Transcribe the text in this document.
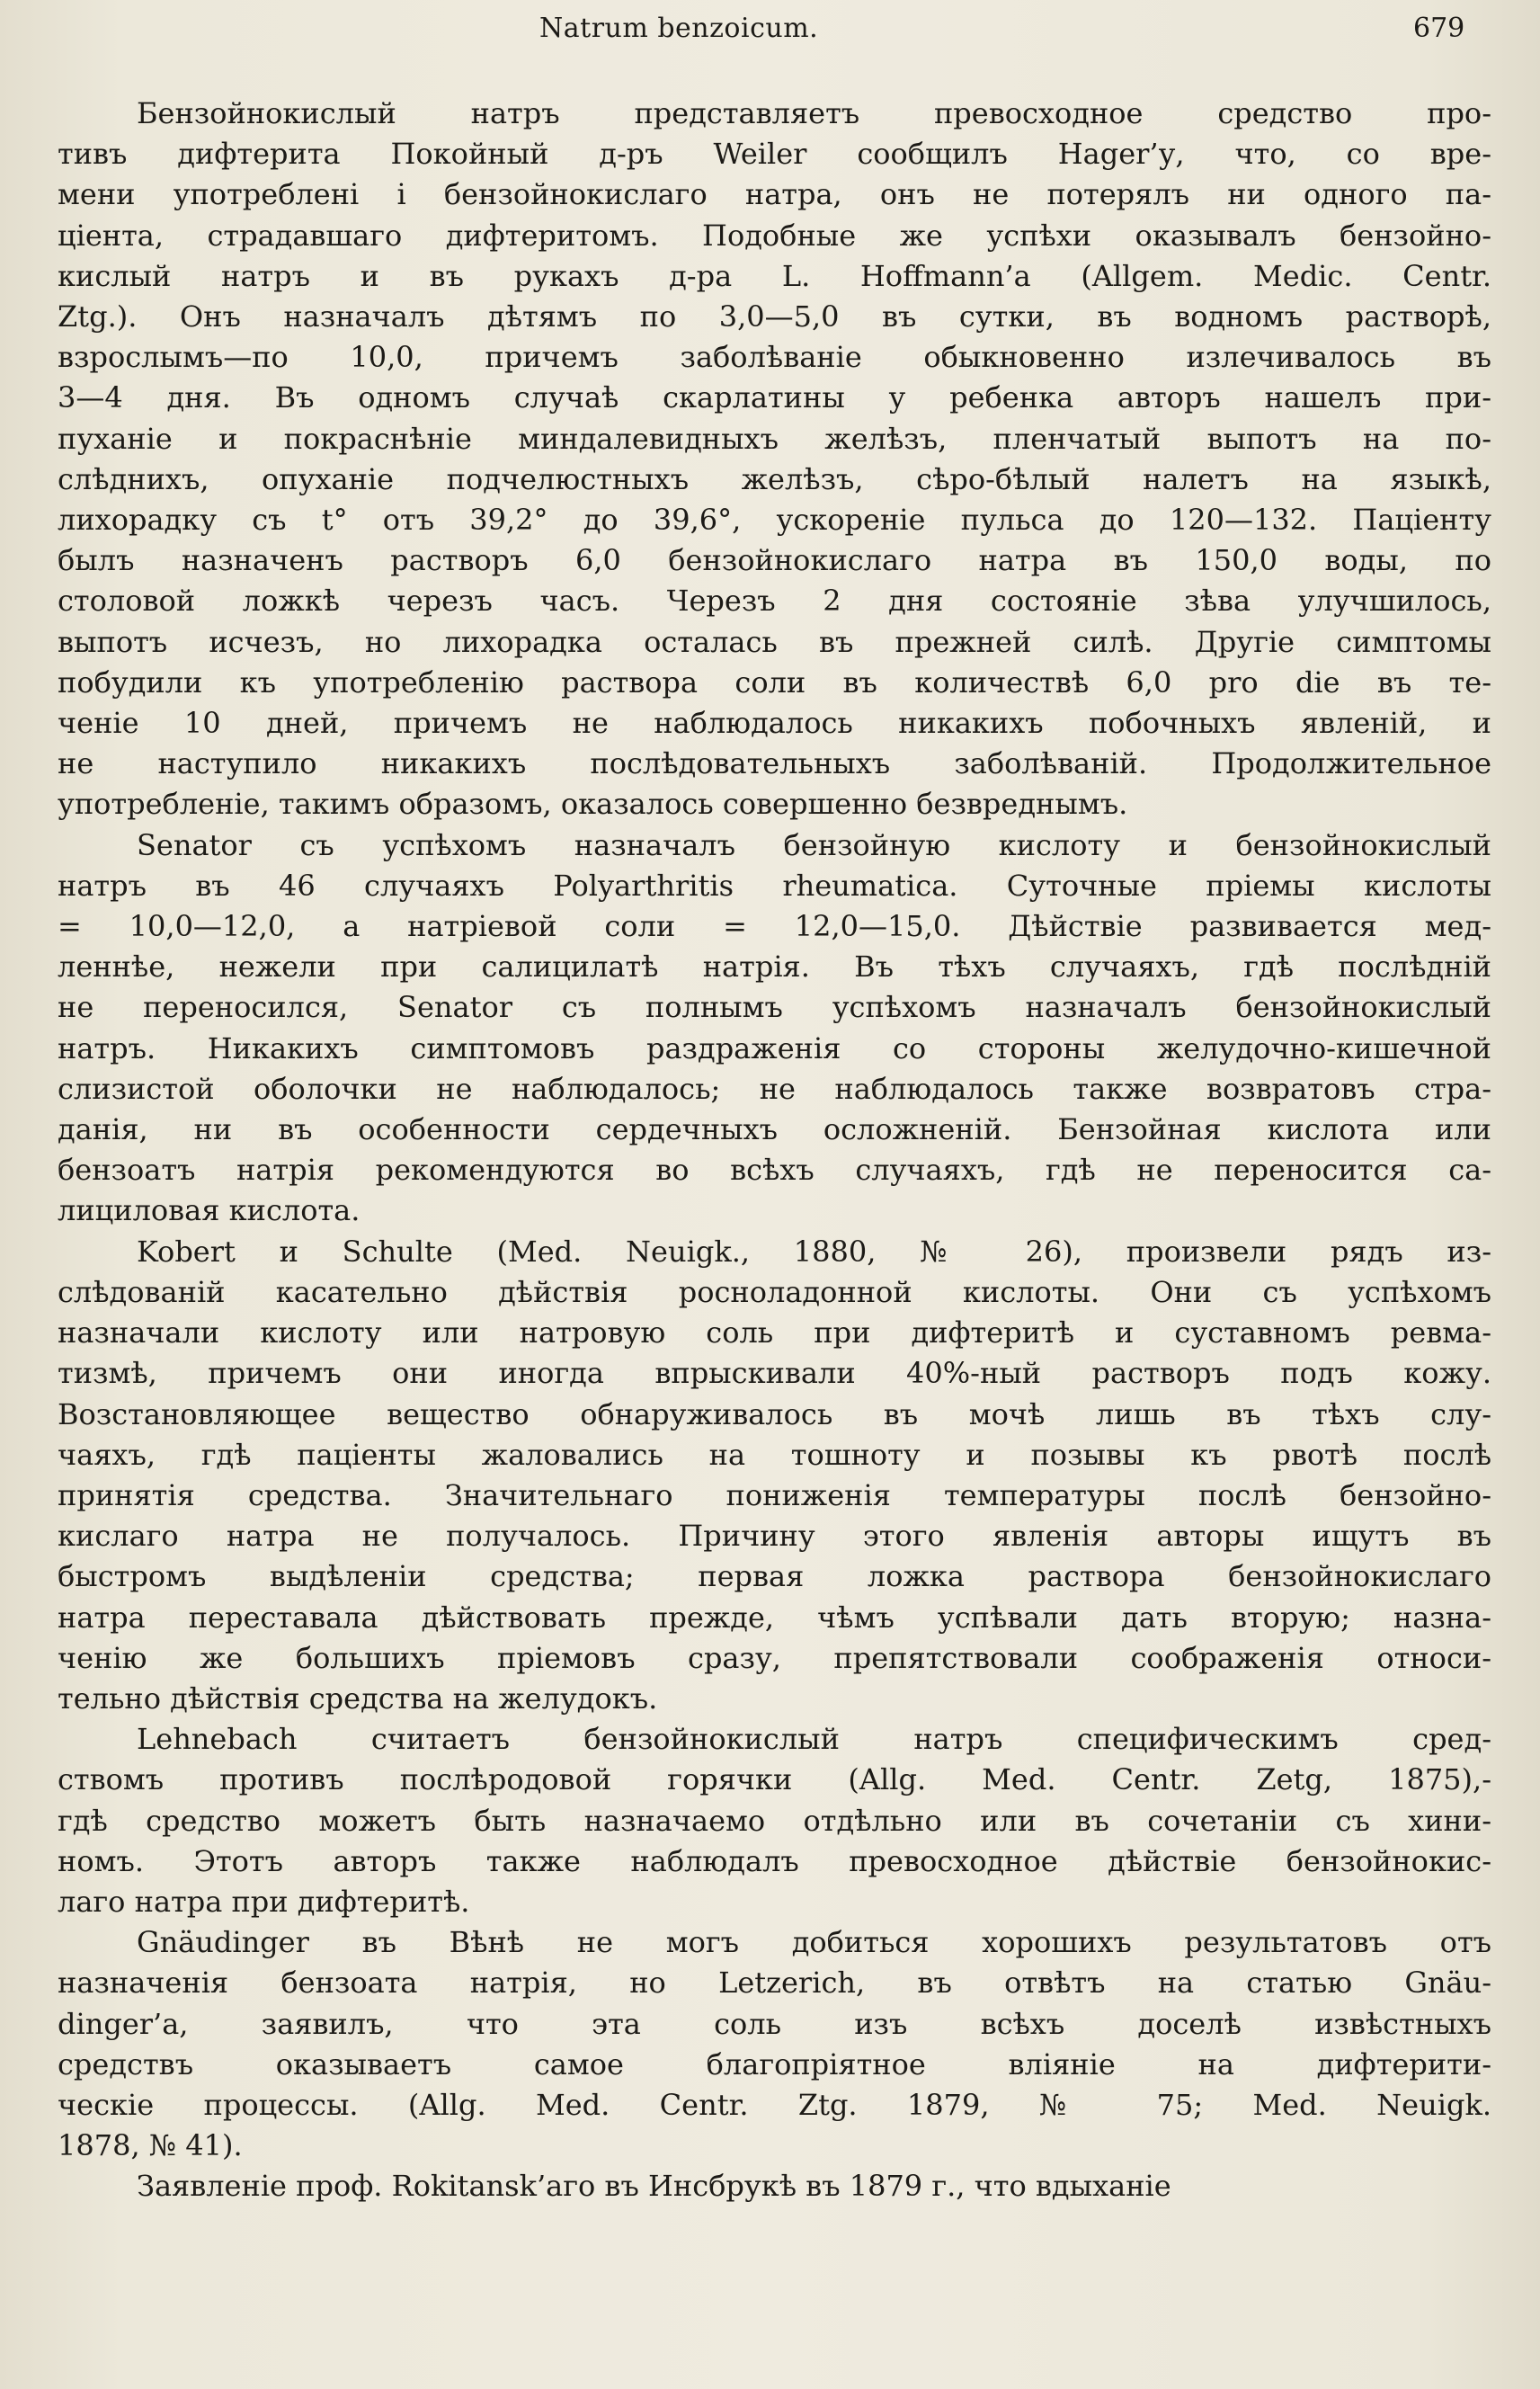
Natrum benzoicum.	679
Бензойнокислый натръ представляетъ превосходное средство про-
тивъ дифтерита Покойный д-ръ Weiler сообщилъ Hager’у, что, со вре-
мени употреблені і бензойнокислаго натра, онъ не потерялъ ни одного па-
ціента, страдавшаго дифтеритомъ. Подобные же успѣхи оказывалъ бензойно-
кислый натръ и въ рукахъ д-ра L. Hoffmann’a (Allgem. Medic. Centr.
Ztg.). Онъ назначалъ дѣтямъ по 3,0—5,0 въ сутки, въ водномъ растворѣ,
взрослымъ—по 10,0, причемъ заболѣваніе обыкновенно излечивалось въ
3—4 дня. Въ одномъ случаѣ скарлатины у ребенка авторъ нашелъ при-
пуханіе и покраснѣніе миндалевидныхъ желѣзъ, пленчатый выпотъ на по-
слѣднихъ, опуханіе подчелюстныхъ желѣзъ, сѣро-бѣлый налетъ на языкѣ,
лихорадку съ t° отъ 39,2° до 39,6°, ускореніе пульса до 120—132. Паціенту
былъ назначенъ растворъ 6,0 бензойнокислаго натра въ 150,0 воды, по
столовой ложкѣ черезъ часъ. Черезъ 2 дня состояніе зѣва улучшилось,
выпотъ исчезъ, но лихорадка осталась въ прежней силѣ. Другіе симптомы
побудили къ употребленію раствора соли въ количествѣ 6,0 pro die въ те-
ченіе 10 дней, причемъ не наблюдалось никакихъ побочныхъ явленій, и
не наступило никакихъ послѣдовательныхъ заболѣваній. Продолжительное
употребленіе, такимъ образомъ, оказалось совершенно безвреднымъ.
Senator съ успѣхомъ назначалъ бензойную кислоту и бензойнокислый
натръ въ 46 случаяхъ Polyarthritis rheumatica. Суточные пріемы кислоты
= 10,0—12,0, а натріевой соли = 12,0—15,0. Дѣйствіе развивается мед-
леннѣе, нежели при салицилатѣ натрія. Въ тѣхъ случаяхъ, гдѣ послѣдній
не переносился, Senator съ полнымъ успѣхомъ назначалъ бензойнокислый
натръ. Никакихъ симптомовъ раздраженія со стороны желудочно-кишечной
слизистой оболочки не наблюдалось; не наблюдалось также возвратовъ стра-
данія, ни въ особенности сердечныхъ осложненій. Бензойная кислота или
бензоатъ натрія рекомендуются во всѣхъ случаяхъ, гдѣ не переносится са-
лициловая кислота.
Kobert и Schulte (Med. Neuigk., 1880, № 26), произвели рядъ из-
слѣдованій касательно дѣйствія росноладонной кислоты. Они съ успѣхомъ
назначали кислоту или натровую соль при дифтеритѣ и суставномъ ревма-
тизмѣ, причемъ они иногда впрыскивали 40%-ный растворъ подъ кожу.
Возстановляющее вещество обнаруживалось въ мочѣ лишь въ тѣхъ слу-
чаяхъ, гдѣ паціенты жаловались на тошноту и позывы къ рвотѣ послѣ
принятія средства. Значительнаго пониженія температуры послѣ бензойно-
кислаго натра не получалось. Причину этого явленія авторы ищутъ въ
быстромъ выдѣленіи средства; первая ложка раствора бензойнокислаго
натра переставала дѣйствовать прежде, чѣмъ успѣвали дать вторую; назна-
ченію же большихъ пріемовъ сразу, препятствовали соображенія относи-
тельно дѣйствія средства на желудокъ.
Lehnebach считаетъ бензойнокислый натръ специфическимъ сред-
ствомъ противъ послѣродовой горячки (Allg. Med. Centr. Zetg, 1875),-
гдѣ средство можетъ быть назначаемо отдѣльно или въ сочетаніи съ хини-
номъ. Этотъ авторъ также наблюдалъ превосходное дѣйствіе бензойнокис-
лаго натра при дифтеритѣ.
Gnäudinger въ Вѣнѣ не могъ добиться хорошихъ результатовъ отъ
назначенія бензоата натрія, но Letzerich, въ отвѣтъ на статью Gnäu-
dinger’a, заявилъ, что эта соль изъ всѣхъ доселѣ извѣстныхъ
средствъ оказываетъ самое благопріятное вліяніе на дифтерити-
ческіе процессы. (Allg. Med. Centr. Ztg. 1879, № 75; Med. Neuigk.
1878, № 41).
Заявленіе проф. Rokitansk’aго въ Инсбрукѣ въ 1879 г., что вдыханіе
